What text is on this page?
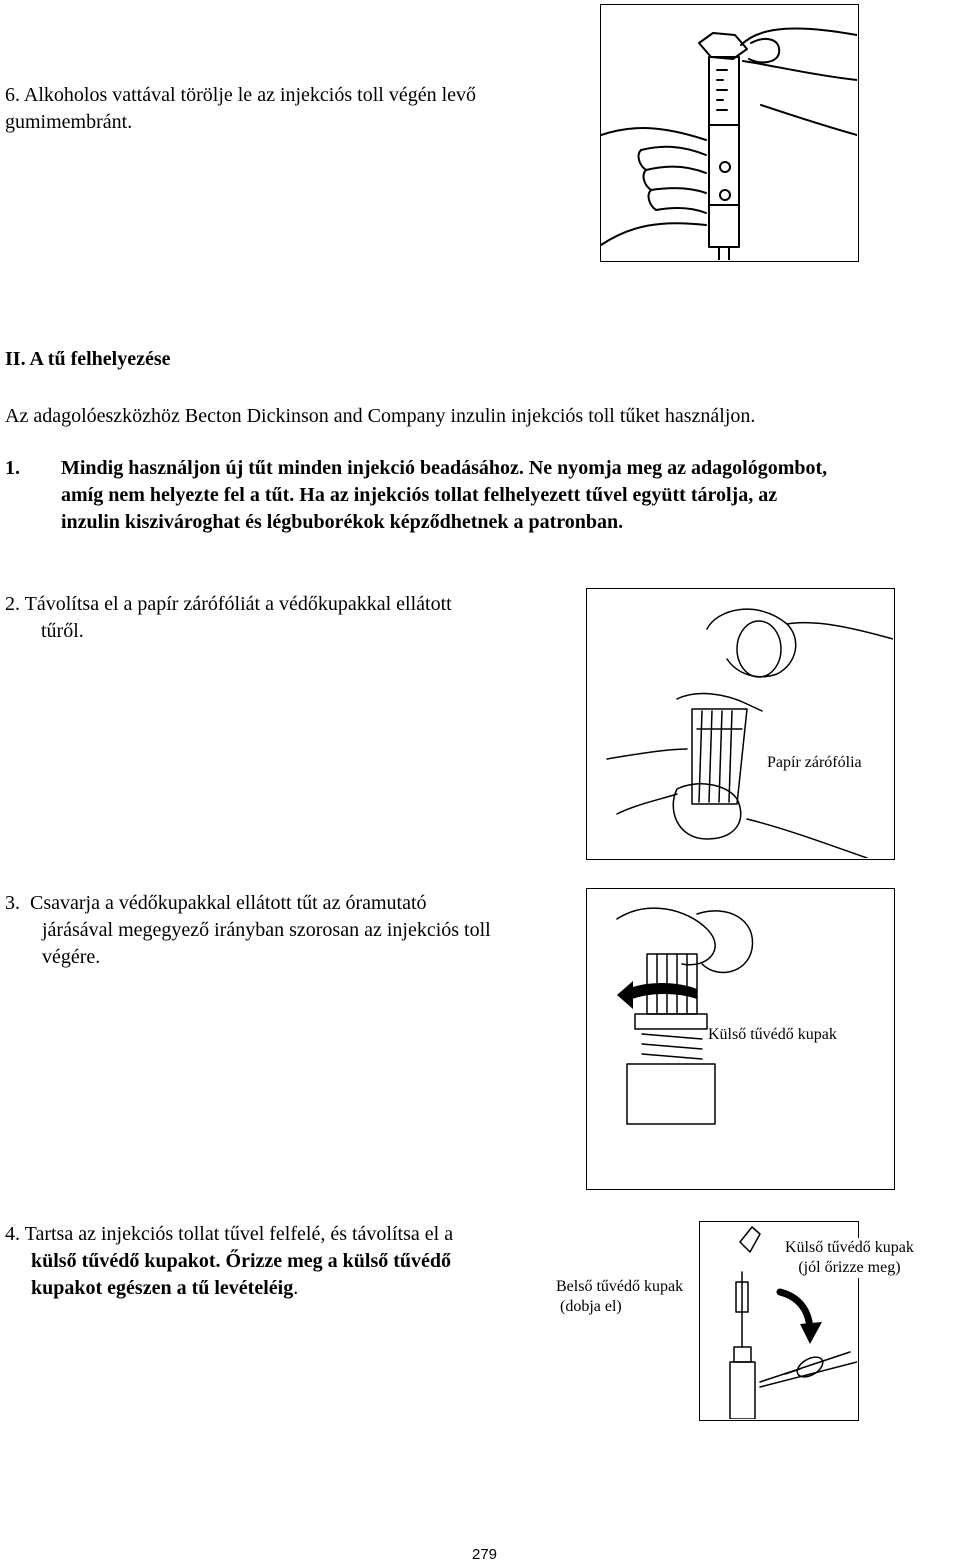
6. Alkoholos vattával törölje le az injekciós toll végén levő
gumimembránt.
II. A tű felhelyezése
Az adagolóeszközhöz Becton Dickinson and Company inzulin injekciós toll tűket használjon.
1. Mindig használjon új tűt minden injekció beadásához. Ne nyomja meg az adagológombot,
amíg nem helyezte fel a tűt. Ha az injekciós tollat felhelyezett tűvel együtt tárolja, az
inzulin kiszivároghat és légbuborékok képződhetnek a patronban.
2. Távolítsa el a papír zárófóliát a védőkupakkal ellátott
tűről.
Papír zárófólia
3. Csavarja a védőkupakkal ellátott tűt az óramutató
járásával megegyező irányban szorosan az injekciós toll
végére.
Külső tűvédő kupak
4. Tartsa az injekciós tollat tűvel felfelé, és távolítsa el a
külső tűvédő kupakot. Őrizze meg a külső tűvédő
kupakot egészen a tű levételéig.	Belső tűvédő kupak
(dobja el)
Külső tűvédő kupak
(jól őrizze meg)
279
